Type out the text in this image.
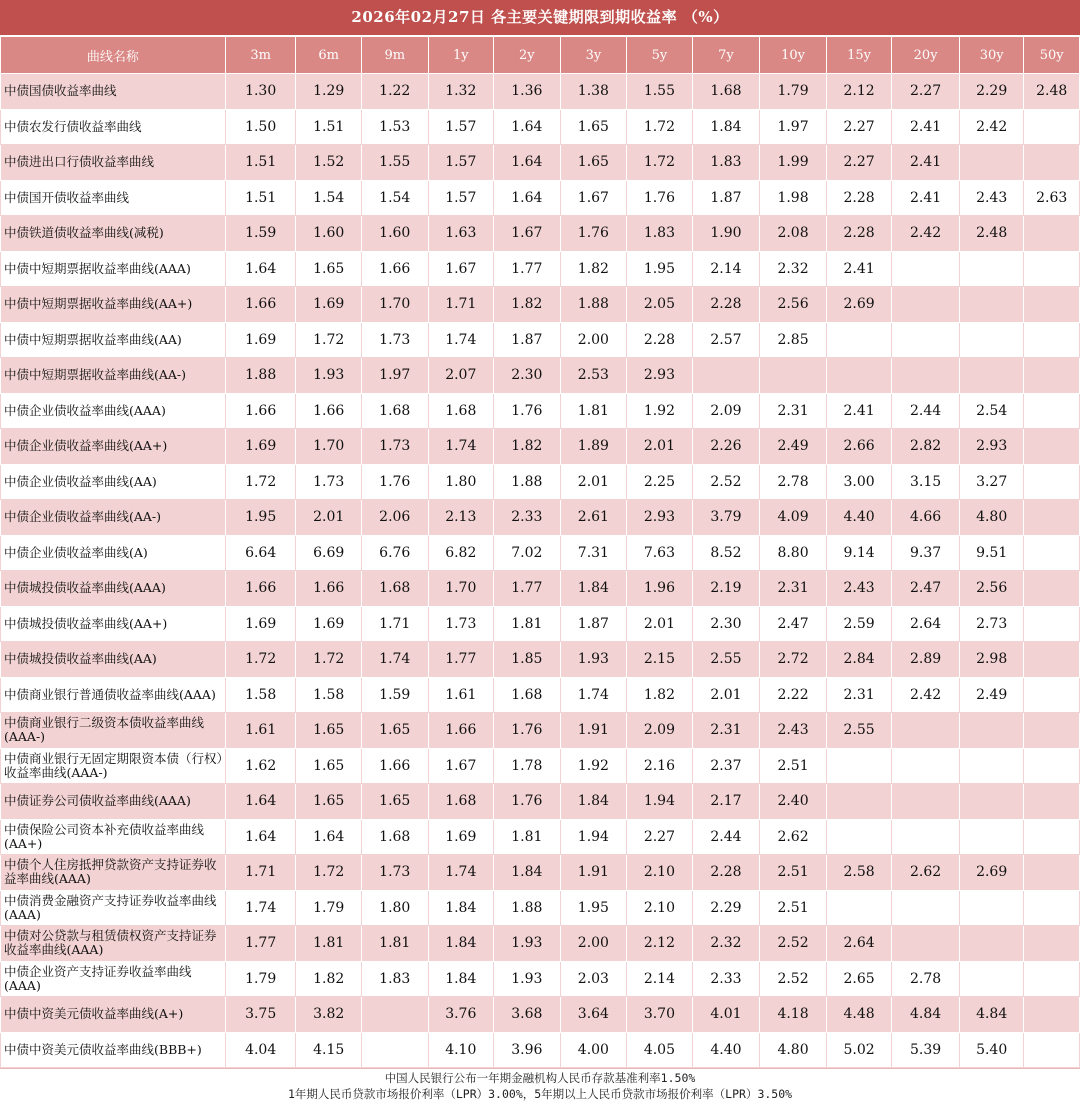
2026年02月27日 各主要关键期限到期收益率 （%）
曲线名称	3m	6m	9m	1y	2y	3y	5y	7y	10y	15y	20y	30y	50y
中债国债收益率曲线	1.30	1.29	1.22	1.32	1.36	1.38	1.55	1.68	1.79	2.12	2.27	2.29	2.48
中债农发行债收益率曲线	1.50	1.51	1.53	1.57	1.64	1.65	1.72	1.84	1.97	2.27	2.41	2.42	
中债进出口行债收益率曲线	1.51	1.52	1.55	1.57	1.64	1.65	1.72	1.83	1.99	2.27	2.41		
中债国开债收益率曲线	1.51	1.54	1.54	1.57	1.64	1.67	1.76	1.87	1.98	2.28	2.41	2.43	2.63
中债铁道债收益率曲线(减税)	1.59	1.60	1.60	1.63	1.67	1.76	1.83	1.90	2.08	2.28	2.42	2.48	
中债中短期票据收益率曲线(AAA)	1.64	1.65	1.66	1.67	1.77	1.82	1.95	2.14	2.32	2.41			
中债中短期票据收益率曲线(AA+)	1.66	1.69	1.70	1.71	1.82	1.88	2.05	2.28	2.56	2.69			
中债中短期票据收益率曲线(AA)	1.69	1.72	1.73	1.74	1.87	2.00	2.28	2.57	2.85				
中债中短期票据收益率曲线(AA-)	1.88	1.93	1.97	2.07	2.30	2.53	2.93						
中债企业债收益率曲线(AAA)	1.66	1.66	1.68	1.68	1.76	1.81	1.92	2.09	2.31	2.41	2.44	2.54	
中债企业债收益率曲线(AA+)	1.69	1.70	1.73	1.74	1.82	1.89	2.01	2.26	2.49	2.66	2.82	2.93	
中债企业债收益率曲线(AA)	1.72	1.73	1.76	1.80	1.88	2.01	2.25	2.52	2.78	3.00	3.15	3.27	
中债企业债收益率曲线(AA-)	1.95	2.01	2.06	2.13	2.33	2.61	2.93	3.79	4.09	4.40	4.66	4.80	
中债企业债收益率曲线(A)	6.64	6.69	6.76	6.82	7.02	7.31	7.63	8.52	8.80	9.14	9.37	9.51	
中债城投债收益率曲线(AAA)	1.66	1.66	1.68	1.70	1.77	1.84	1.96	2.19	2.31	2.43	2.47	2.56	
中债城投债收益率曲线(AA+)	1.69	1.69	1.71	1.73	1.81	1.87	2.01	2.30	2.47	2.59	2.64	2.73	
中债城投债收益率曲线(AA)	1.72	1.72	1.74	1.77	1.85	1.93	2.15	2.55	2.72	2.84	2.89	2.98	
中债商业银行普通债收益率曲线(AAA)	1.58	1.58	1.59	1.61	1.68	1.74	1.82	2.01	2.22	2.31	2.42	2.49	
中债商业银行二级资本债收益率曲线(AAA-)	1.61	1.65	1.65	1.66	1.76	1.91	2.09	2.31	2.43	2.55			
中债商业银行无固定期限资本债（行权）收益率曲线(AAA-)	1.62	1.65	1.66	1.67	1.78	1.92	2.16	2.37	2.51				
中债证券公司债收益率曲线(AAA)	1.64	1.65	1.65	1.68	1.76	1.84	1.94	2.17	2.40				
中债保险公司资本补充债收益率曲线(AA+)	1.64	1.64	1.68	1.69	1.81	1.94	2.27	2.44	2.62				
中债个人住房抵押贷款资产支持证券收益率曲线(AAA)	1.71	1.72	1.73	1.74	1.84	1.91	2.10	2.28	2.51	2.58	2.62	2.69	
中债消费金融资产支持证券收益率曲线(AAA)	1.74	1.79	1.80	1.84	1.88	1.95	2.10	2.29	2.51				
中债对公贷款与租赁债权资产支持证券收益率曲线(AAA)	1.77	1.81	1.81	1.84	1.93	2.00	2.12	2.32	2.52	2.64			
中债企业资产支持证券收益率曲线(AAA)	1.79	1.82	1.83	1.84	1.93	2.03	2.14	2.33	2.52	2.65	2.78		
中债中资美元债收益率曲线(A+)	3.75	3.82		3.76	3.68	3.64	3.70	4.01	4.18	4.48	4.84	4.84	
中债中资美元债收益率曲线(BBB+)	4.04	4.15		4.10	3.96	4.00	4.05	4.40	4.80	5.02	5.39	5.40	
中国人民银行公布一年期金融机构人民币存款基准利率1.50%
1年期人民币贷款市场报价利率（LPR）3.00%，5年期以上人民币贷款市场报价利率（LPR）3.50%
